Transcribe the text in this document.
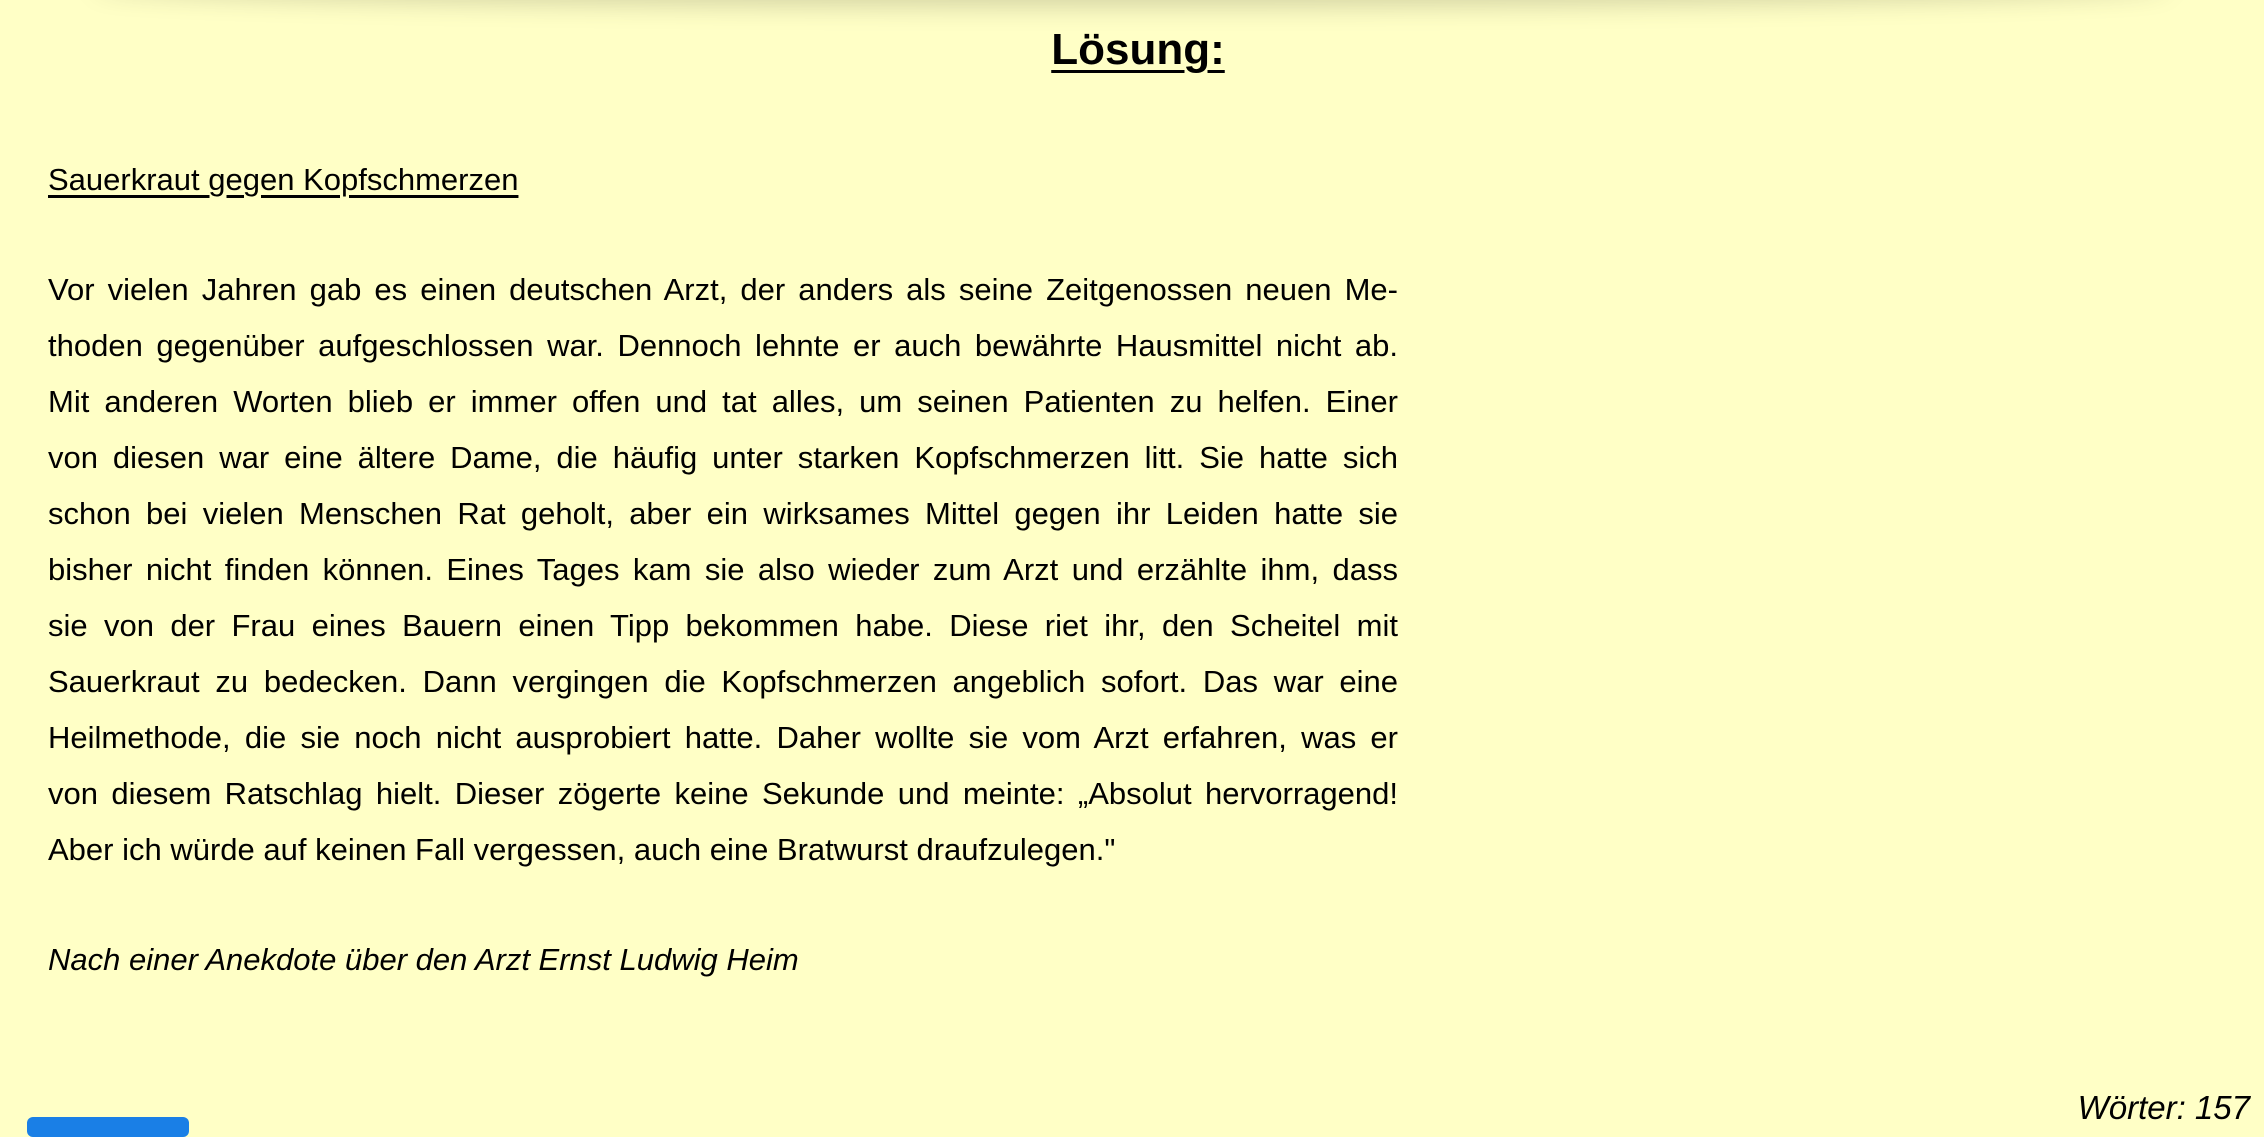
Lösung:

Sauerkraut gegen Kopfschmerzen

Vor vielen Jahren gab es einen deutschen Arzt, der anders als seine Zeitgenossen neuen Me-
thoden gegenüber aufgeschlossen war. Dennoch lehnte er auch bewährte Hausmittel nicht ab.
Mit anderen Worten blieb er immer offen und tat alles, um seinen Patienten zu helfen. Einer
von diesen war eine ältere Dame, die häufig unter starken Kopfschmerzen litt. Sie hatte sich
schon bei vielen Menschen Rat geholt, aber ein wirksames Mittel gegen ihr Leiden hatte sie
bisher nicht finden können. Eines Tages kam sie also wieder zum Arzt und erzählte ihm, dass
sie von der Frau eines Bauern einen Tipp bekommen habe. Diese riet ihr, den Scheitel mit
Sauerkraut zu bedecken. Dann vergingen die Kopfschmerzen angeblich sofort. Das war eine
Heilmethode, die sie noch nicht ausprobiert hatte. Daher wollte sie vom Arzt erfahren, was er
von diesem Ratschlag hielt. Dieser zögerte keine Sekunde und meinte: „Absolut hervorragend!
Aber ich würde auf keinen Fall vergessen, auch eine Bratwurst draufzulegen."

Nach einer Anekdote über den Arzt Ernst Ludwig Heim

Wörter: 157
